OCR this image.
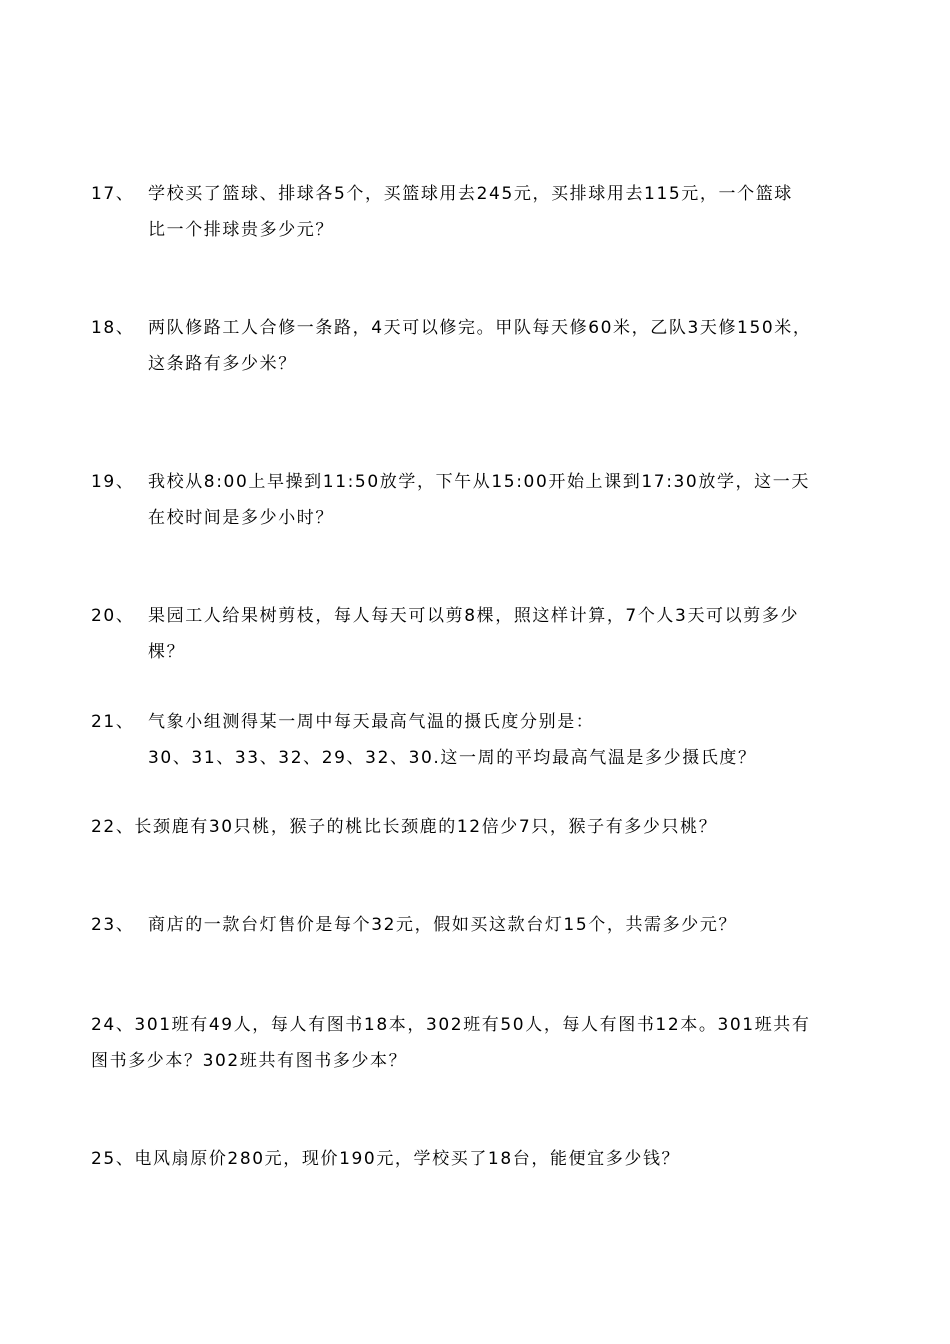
17、 学校买了篮球、排球各5个，买篮球用去245元，买排球用去115元，一个篮球
比一个排球贵多少元？
18、 两队修路工人合修一条路，4天可以修完。甲队每天修60米，乙队3天修150米，
这条路有多少米？
19、 我校从8:00上早操到11:50放学，下午从15:00开始上课到17:30放学，这一天
在校时间是多少小时？
20、 果园工人给果树剪枝，每人每天可以剪8棵，照这样计算，7个人3天可以剪多少
棵？
21、 气象小组测得某一周中每天最高气温的摄氏度分别是：
30、31、33、32、29、32、30.这一周的平均最高气温是多少摄氏度？
22、长颈鹿有30只桃，猴子的桃比长颈鹿的12倍少7只，猴子有多少只桃？
23、 商店的一款台灯售价是每个32元，假如买这款台灯15个，共需多少元？
24、301班有49人，每人有图书18本，302班有50人，每人有图书12本。301班共有
图书多少本？302班共有图书多少本？
25、电风扇原价280元，现价190元，学校买了18台，能便宜多少钱？
